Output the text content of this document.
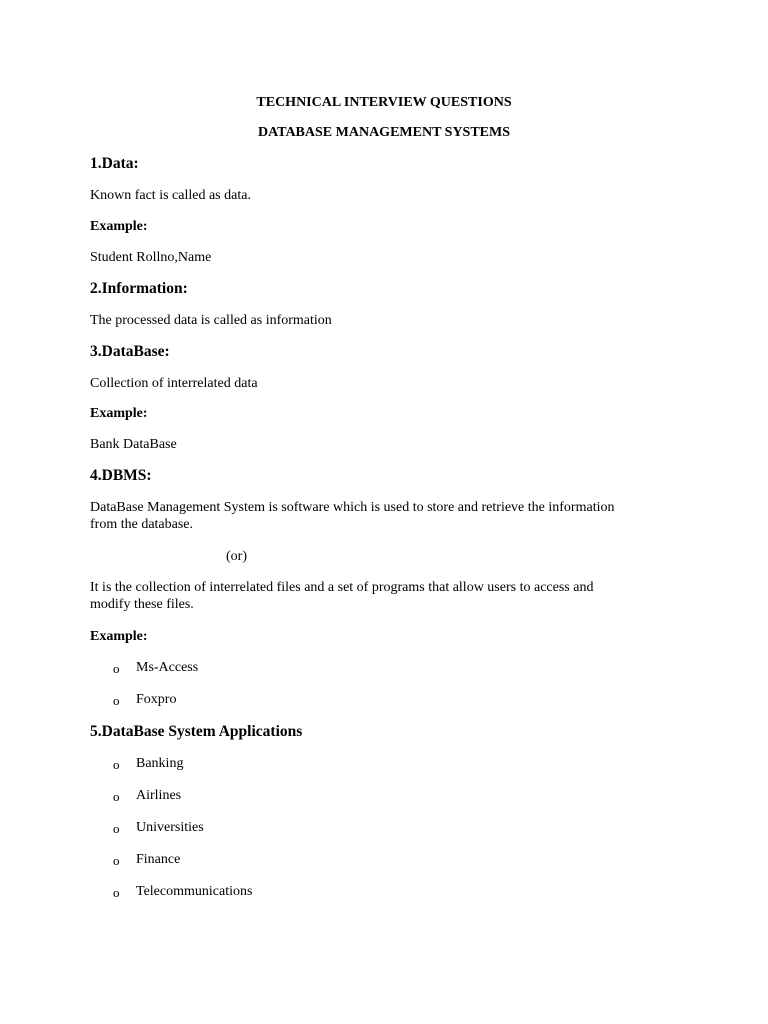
TECHNICAL INTERVIEW QUESTIONS
DATABASE MANAGEMENT SYSTEMS
1.Data:
Known fact is called as data.
Example:
Student Rollno,Name
2.Information:
The processed data is called as information
3.DataBase:
Collection of interrelated data
Example:
Bank DataBase
4.DBMS:
DataBase Management System is software which is used to store and retrieve the information
from the database.
(or)
It is the collection of interrelated files and a set of programs that allow users to access and
modify these files.
Example:
o Ms-Access
o Foxpro
5.DataBase System Applications
o Banking
o Airlines
o Universities
o Finance
o Telecommunications
